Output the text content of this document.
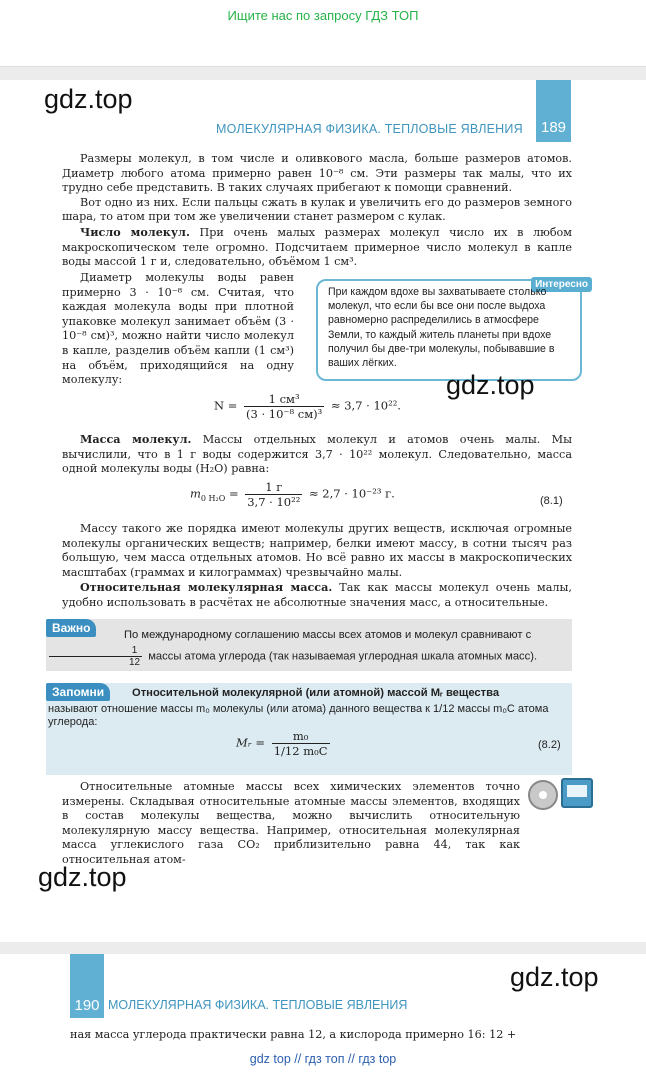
Ищите нас по запросу ГДЗ ТОП
gdz.top
189
МОЛЕКУЛЯРНАЯ ФИЗИКА. ТЕПЛОВЫЕ ЯВЛЕНИЯ

Размеры молекул, в том числе и оливкового масла, больше размеров атомов. Диаметр любого атома примерно равен 10⁻⁸ см. Эти размеры так малы, что их трудно себе представить. В таких случаях прибегают к помощи сравнений.

Вот одно из них. Если пальцы сжать в кулак и увеличить его до размеров земного шара, то атом при том же увеличении станет размером с кулак.

Число молекул. При очень малых размерах молекул число их в любом макроскопическом теле огромно. Подсчитаем примерное число молекул в капле воды массой 1 г и, следовательно, объёмом 1 см³.

Диаметр молекулы воды равен примерно 3 · 10⁻⁸ см. Считая, что каждая молекула воды при плотной упаковке молекул занимает объём (3 · 10⁻⁸ см)³, можно найти число молекул в капле, разделив объём капли (1 см³) на объём, приходящийся на одну молекулу:

Интересно
При каждом вдохе вы захватываете столько молекул, что если бы все они после выдоха равномерно распределились в атмосфере Земли, то каждый житель планеты при вдохе получил бы две-три молекулы, побывавшие в ваших лёгких.
gdz.top
$N = \frac{\text{1 см³}}{\text{(3 · 10⁻⁸ см)³}} \approx 3,7 \cdot 10^{22}$.

Масса молекул. Массы отдельных молекул и атомов очень малы. Мы вычислили, что в 1 г воды содержится 3,7 · 10²² молекул. Следовательно, масса одной молекулы воды (H₂O) равна:

$m_{0 H_2O} = \frac{1 г}{\text{3,7 · 10²²}} \approx 2,7 \cdot 10^{-23}$ г.
(8.1)

Массу такого же порядка имеют молекулы других веществ, исключая огромные молекулы органических веществ; например, белки имеют массу, в сотни тысяч раз большую, чем масса отдельных атомов. Но всё равно их массы в макроскопических масштабах (граммах и килограммах) чрезвычайно малы.

Относительная молекулярная масса. Так как массы молекул очень малы, удобно использовать в расчётах не абсолютные значения масс, а относительные.

По международному соглашению массы всех атомов и молекул сравнивают с
$\frac{1}{12}$ массы атома углерода (так называемая углеродная шкала атомных масс).
Важно
Запомни	Относительной молекулярной (или атомной) массой Mᵣ вещества
называют отношение массы m₀ молекулы (или атома) данного вещества к 1/12 массы m₀C атома углерода:
Mᵣ = $\frac{\text{m₀}}{\text{1/12 m₀C}}$	(8.2)

Относительные атомные массы всех химических элементов точно измерены. Складывая относительные атомные массы элементов, входящих в состав молекулы вещества, можно вычислить относительную молекулярную массу вещества. Например, относительная молекулярная масса углекислого газа CO₂ приблизительно равна 44, так как относительная атом-

gdz.top
gdz.top
190 МОЛЕКУЛЯРНАЯ ФИЗИКА. ТЕПЛОВЫЕ ЯВЛЕНИЯ
ная масса углерода практически равна 12, а кислорода примерно 16: 12 +
gdz top // гдз топ // гдз top
